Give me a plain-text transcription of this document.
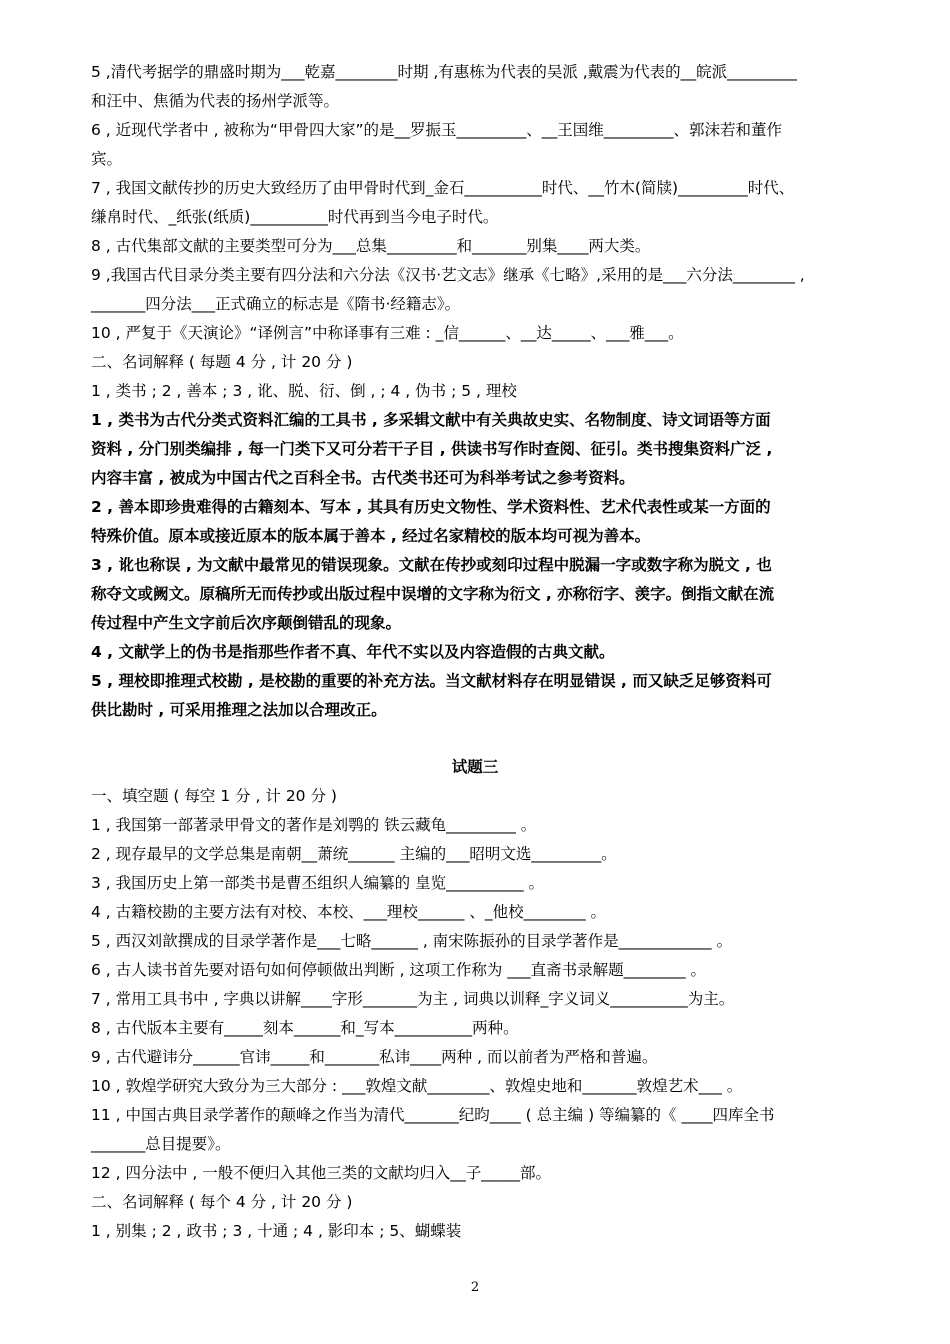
5 ,清代考据学的鼎盛时期为___乾嘉________时期 ,有惠栋为代表的吴派 ,戴震为代表的__皖派_________
和汪中、焦循为代表的扬州学派等。
6 , 近现代学者中 , 被称为“甲骨四大家”的是__罗振玉_________、__王国维_________、郭沫若和董作
宾。
7 , 我国文献传抄的历史大致经历了由甲骨时代到_金石__________时代、__竹木(简牍)_________时代、
缣帛时代、_纸张(纸质)__________时代再到当今电子时代。
8 , 古代集部文献的主要类型可分为___总集_________和_______别集____两大类。
9 ,我国古代目录分类主要有四分法和六分法《汉书·艺文志》继承《七略》,采用的是___六分法________ ,
_______四分法___正式确立的标志是《隋书·经籍志》。
10 , 严复于《天演论》“译例言”中称译事有三难 : _信______、__达_____、___雅___。
二、名词解释 ( 每题 4 分 , 计 20 分 )
1 , 类书 ; 2 , 善本 ; 3 , 讹、脱、衍、倒 , ; 4 , 伪书 ; 5 , 理校
1 , 类书为古代分类式资料汇编的工具书 , 多采辑文献中有关典故史实、名物制度、诗文词语等方面
资料 , 分门别类编排 , 每一门类下又可分若干子目 , 供读书写作时查阅、征引。类书搜集资料广泛 ,
内容丰富 , 被成为中国古代之百科全书。古代类书还可为科举考试之参考资料。
2 , 善本即珍贵难得的古籍刻本、写本 , 其具有历史文物性、学术资料性、艺术代表性或某一方面的
特殊价值。原本或接近原本的版本属于善本 , 经过名家精校的版本均可视为善本。
3 , 讹也称误 , 为文献中最常见的错误现象。文献在传抄或刻印过程中脱漏一字或数字称为脱文 , 也
称夺文或阙文。原稿所无而传抄或出版过程中误增的文字称为衍文 , 亦称衍字、羡字。倒指文献在流
传过程中产生文字前后次序颠倒错乱的现象。
4 , 文献学上的伪书是指那些作者不真、年代不实以及内容造假的古典文献。
5 , 理校即推理式校勘 , 是校勘的重要的补充方法。当文献材料存在明显错误 , 而又缺乏足够资料可
供比勘时 , 可采用推理之法加以合理改正。
试题三
一、填空题 ( 每空 1 分 , 计 20 分 )
1 , 我国第一部著录甲骨文的著作是刘鹗的 铁云藏龟_________ 。
2 , 现存最早的文学总集是南朝__萧统______ 主编的___昭明文选_________。
3 , 我国历史上第一部类书是曹丕组织人编纂的 皇览__________ 。
4 , 古籍校勘的主要方法有对校、本校、___理校______ 、_他校________ 。
5 , 西汉刘歆撰成的目录学著作是___七略______ , 南宋陈振孙的目录学著作是____________ 。
6 , 古人读书首先要对语句如何停顿做出判断 , 这项工作称为 ___直斋书录解题________ 。
7 , 常用工具书中 , 字典以讲解____字形_______为主 , 词典以训释_字义词义__________为主。
8 , 古代版本主要有_____刻本______和_写本__________两种。
9 , 古代避讳分______官讳_____和_______私讳____两种 , 而以前者为严格和普遍。
10 , 敦煌学研究大致分为三大部分 : ___敦煌文献________、敦煌史地和_______敦煌艺术___ 。
11 , 中国古典目录学著作的颠峰之作当为清代_______纪昀____ ( 总主编 ) 等编纂的《 ____四库全书
_______总目提要》。
12 , 四分法中 , 一般不便归入其他三类的文献均归入__子_____部。
二、名词解释 ( 每个 4 分 , 计 20 分 )
1 , 别集 ; 2 , 政书 ; 3 , 十通 ; 4 , 影印本 ; 5、蝴蝶装
2
